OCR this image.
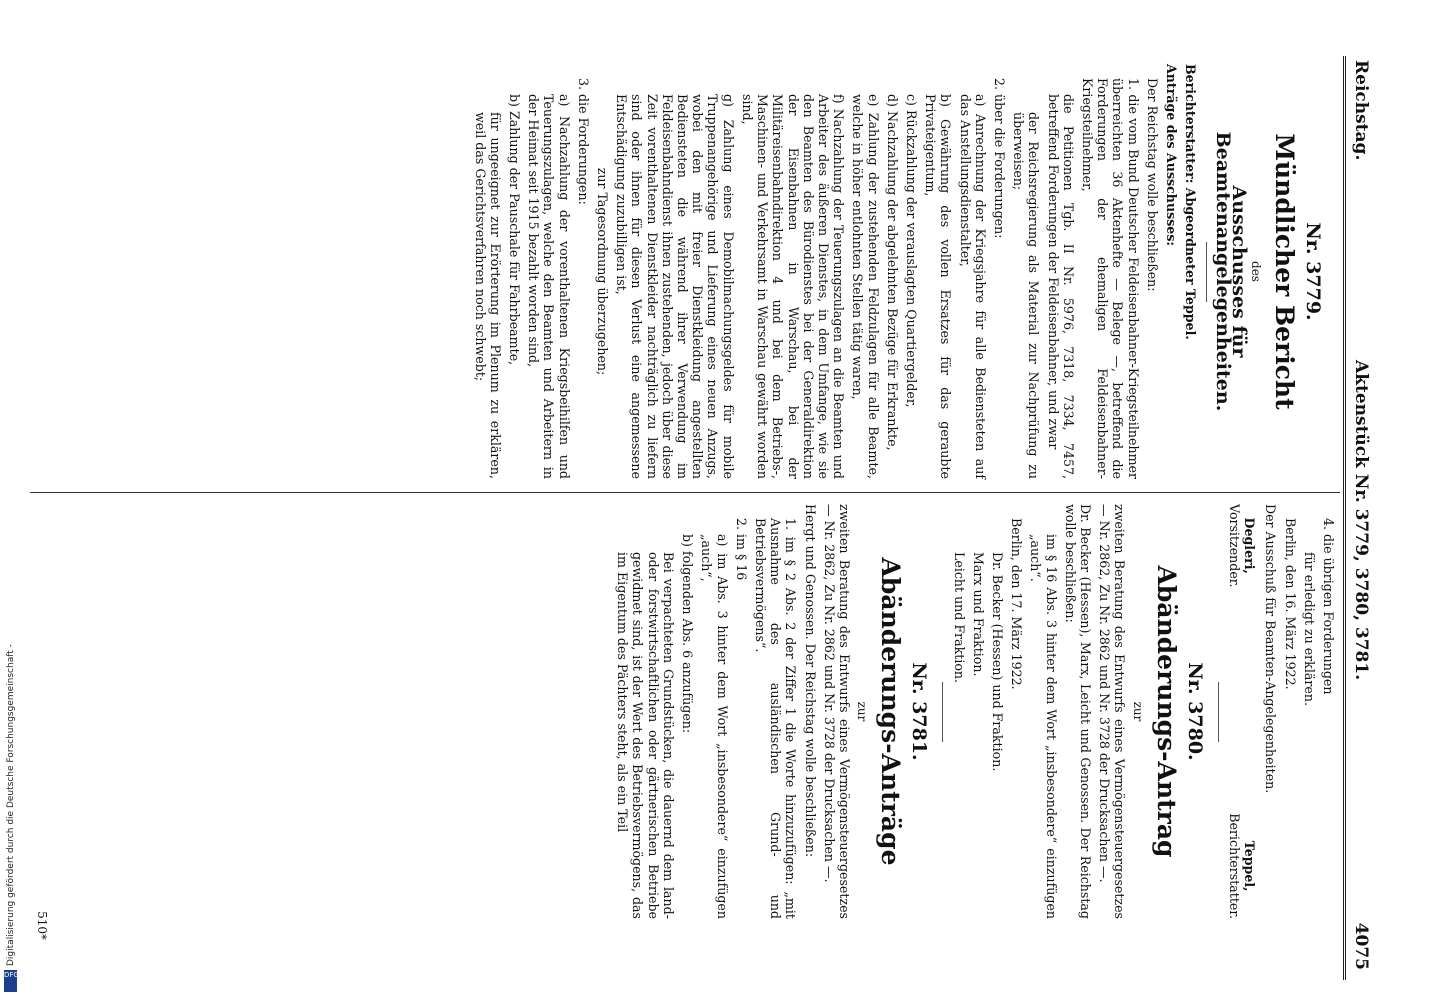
Reichstag.
Aktenstück Nr. 3779, 3780, 3781.
4075
Nr. 3779.
Mündlicher Bericht
des
Ausschusses für Beamtenangelegenheiten.

Berichterstatter: Abgeordneter Teppel.

Anträge des Ausschusses:

Der Reichstag wolle beschließen:

1. die vom Bund Deutscher Feldeisenbahner-Kriegsteilnehmer überreichten 36 Aktenhefte — Belege —, betreffend die Forderungen der ehemaligen Feldeisenbahner-Kriegsteilnehmer,

die Petitionen Tgb. II Nr. 5976, 7318, 7334, 7457, betreffend Forderungen der Feldeisenbahner, und zwar

der Reichsregierung als Material zur Nachprüfung zu überweisen;

2. über die Forderungen:

a) Anrechnung der Kriegsjahre für alle Bediensteten auf das Anstellungsdienstalter,

b) Gewährung des vollen Ersatzes für das geraubte Privateigentum,

c) Rückzahlung der verauslagten Quartiergelder,

d) Nachzahlung der abgelehnten Bezüge für Erkrankte,

e) Zahlung der zustehenden Feldzulagen für alle Beamte, welche in höher entlohnten Stellen tätig waren,

f) Nachzahlung der Teuerungszulagen an die Beamten und Arbeiter des äußeren Dienstes, in dem Umfange, wie sie den Beamten des Bürodienstes bei der Generaldirektion der Eisenbahnen in Warschau, bei der Militäreisenbahndirektion 4 und bei dem Betriebs-, Maschinen- und Verkehrsamt in Warschau gewährt worden sind,

g) Zahlung eines Demobilmachungsgeldes für mobile Truppenangehörige und Lieferung eines neuen Anzugs, wobei den mit freier Dienstkleidung angestellten Bediensteten die während ihrer Verwendung im Feldeisenbahndienst ihnen zustehenden, jedoch über diese Zeit vorenthaltenen Dienstkleider nachträglich zu liefern sind oder ihnen für diesen Verlust eine angemessene Entschädigung zuzubilligen ist,

zur Tagesordnung überzugehen;

3. die Forderungen:

a) Nachzahlung der vorenthaltenen Kriegsbeihilfen und Teuerungszulagen, welche den Beamten und Arbeitern in der Heimat seit 1915 bezahlt worden sind,

b) Zahlung der Pauschale für Fahrbeamte,

für ungeeignet zur Erörterung im Plenum zu erklären, weil das Gerichtsverfahren noch schwebt;

4. die übrigen Forderungen

für erledigt zu erklären.

Berlin, den 16. März 1922.

Der Ausschuß für Beamten-Angelegenheiten.

Degleri,
Vorsitzender.
Teppel,
Berichterstatter.
Nr. 3780.
Abänderungs-Antrag
zur

zweiten Beratung des Entwurfs eines Vermögensteuergesetzes — Nr. 2862, Zu Nr. 2862 und Nr. 3728 der Drucksachen —.

Dr. Becker (Hessen), Marx, Leicht und Genossen. Der Reichstag wolle beschließen:

im § 16 Abs. 3 hinter dem Wort „insbesondere“ einzufügen „auch“.

Berlin, den 17. März 1922.

Dr. Becker (Hessen) und Fraktion.

Marx und Fraktion.

Leicht und Fraktion.

Nr. 3781.
Abänderungs-Anträge
zur

zweiten Beratung des Entwurfs eines Vermögensteuergesetzes — Nr. 2862, Zu Nr. 2862 und Nr. 3728 der Drucksachen —.

Hergt und Genossen. Der Reichstag wolle beschließen:

1. im § 2 Abs. 2 der Ziffer 1 die Worte hinzuzufügen: „mit Ausnahme des ausländischen Grund- und Betriebsvermögens“.

2. im § 16

a) im Abs. 3 hinter dem Wort „insbesondere“ einzufügen „auch“,

b) folgenden Abs. 6 anzufügen:

Bei verpachteten Grundstücken, die dauernd dem land- oder forstwirtschaftlichen oder gärtnerischen Betriebe gewidmet sind, ist der Wert des Betriebsvermögens, das im Eigentum des Pächters steht, als ein Teil

510*
DFG
Digitalisierung gefördert durch die Deutsche Forschungsgemeinschaft -
